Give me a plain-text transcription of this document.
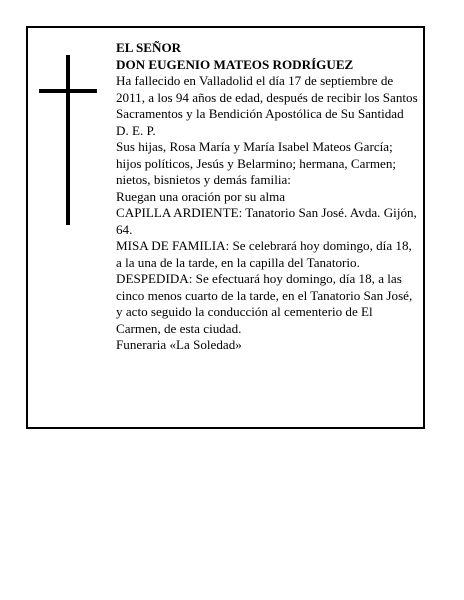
EL SEÑOR

DON EUGENIO MATEOS RODRÍGUEZ

Ha fallecido en Valladolid el día 17 de septiembre de 2011, a los 94 años de edad, después de recibir los Santos Sacramentos y la Bendición Apostólica de Su Santidad

D. E. P.

Sus hijas, Rosa María y María Isabel Mateos García; hijos políticos, Jesús y Belarmino; hermana, Carmen; nietos, bisnietos y demás familia:

Ruegan una oración por su alma

CAPILLA ARDIENTE: Tanatorio San José. Avda. Gijón, 64.

MISA DE FAMILIA: Se celebrará hoy domingo, día 18, a la una de la tarde, en la capilla del Tanatorio.

DESPEDIDA: Se efectuará hoy domingo, día 18, a las cinco menos cuarto de la tarde, en el Tanatorio San José, y acto seguido la conducción al cementerio de El Carmen, de esta ciudad.

Funeraria «La Soledad»
